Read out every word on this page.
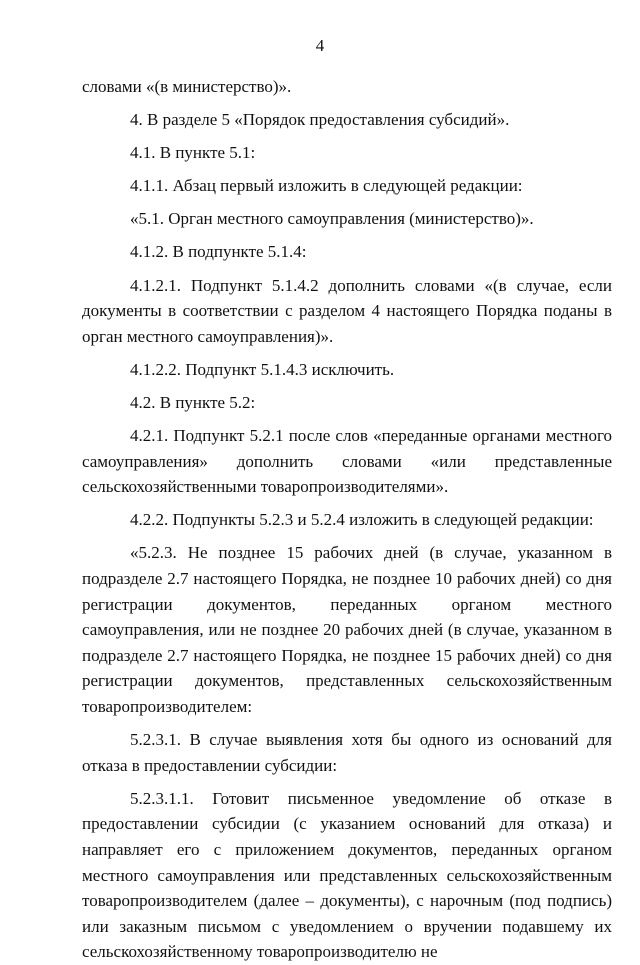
4

словами «(в министерство)».

4. В разделе 5 «Порядок предоставления субсидий».

4.1. В пункте 5.1:

4.1.1. Абзац первый изложить в следующей редакции:

«5.1. Орган местного самоуправления (министерство)».

4.1.2. В подпункте 5.1.4:

4.1.2.1. Подпункт 5.1.4.2 дополнить словами «(в случае, если документы в соответствии с разделом 4 настоящего Порядка поданы в орган местного самоуправления)».

4.1.2.2. Подпункт 5.1.4.3 исключить.

4.2. В пункте 5.2:

4.2.1. Подпункт 5.2.1 после слов «переданные органами местного самоуправления» дополнить словами «или представленные сельскохозяйственными товаропроизводителями».

4.2.2. Подпункты 5.2.3 и 5.2.4 изложить в следующей редакции:

«5.2.3. Не позднее 15 рабочих дней (в случае, указанном в подразделе 2.7 настоящего Порядка, не позднее 10 рабочих дней) со дня регистрации документов, переданных органом местного самоуправления, или не позднее 20 рабочих дней (в случае, указанном в подразделе 2.7 настоящего Порядка, не позднее 15 рабочих дней) со дня регистрации документов, представленных сельскохозяйственным товаропроизводителем:

5.2.3.1. В случае выявления хотя бы одного из оснований для отказа в предоставлении субсидии:

5.2.3.1.1. Готовит письменное уведомление об отказе в предоставлении субсидии (с указанием оснований для отказа) и направляет его с приложением документов, переданных органом местного самоуправления или представленных сельскохозяйственным товаропроизводителем (далее – документы), с нарочным (под подпись) или заказным письмом с уведомлением о вручении подавшему их сельскохозяйственному товаропроизводителю не
